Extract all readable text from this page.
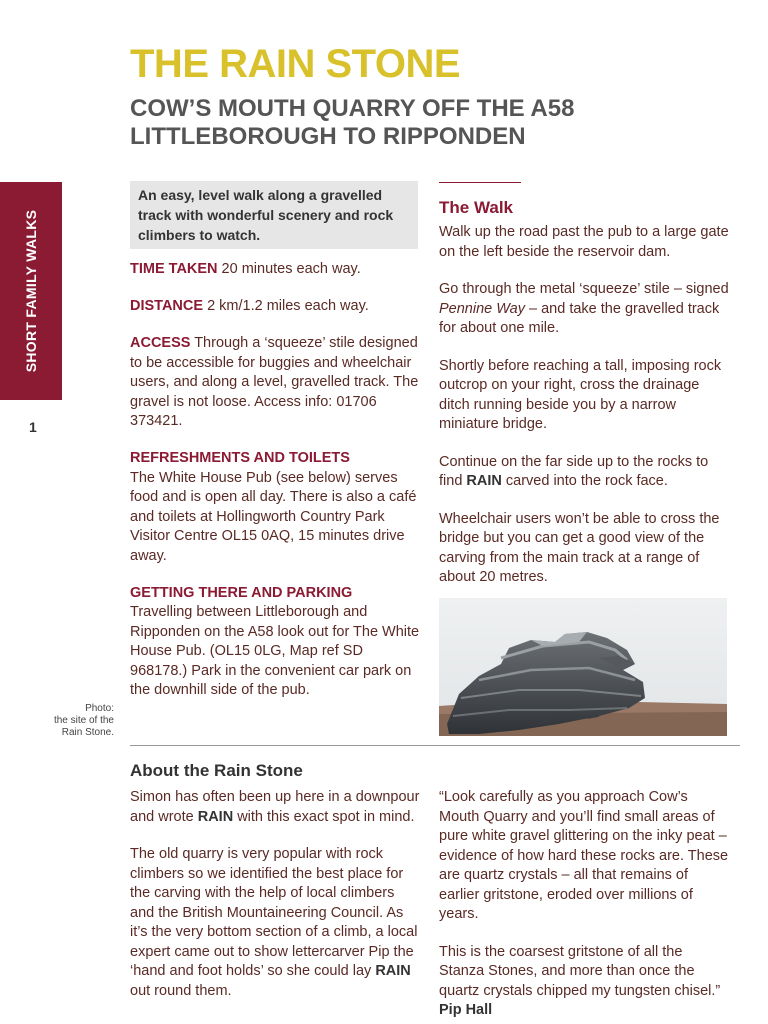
THE RAIN STONE
COW’S MOUTH QUARRY OFF THE A58 LITTLEBOROUGH TO RIPPONDEN
SHORT FAMILY WALKS
1
An easy, level walk along a gravelled track with wonderful scenery and rock climbers to watch.

TIME TAKEN 20 minutes each way.

DISTANCE 2 km/1.2 miles each way.

ACCESS Through a ‘squeeze’ stile designed to be accessible for buggies and wheelchair users, and along a level, gravelled track. The gravel is not loose. Access info: 01706 373421.

REFRESHMENTS AND TOILETS
The White House Pub (see below) serves food and is open all day. There is also a café and toilets at Hollingworth Country Park Visitor Centre OL15 0AQ, 15 minutes drive away.

GETTING THERE AND PARKING
Travelling between Littleborough and Ripponden on the A58 look out for The White House Pub. (OL15 0LG, Map ref SD 968178.) Park in the convenient car park on the downhill side of the pub.

The Walk

Walk up the road past the pub to a large gate on the left beside the reservoir dam.

Go through the metal ‘squeeze’ stile – signed Pennine Way – and take the gravelled track for about one mile.

Shortly before reaching a tall, imposing rock outcrop on your right, cross the drainage ditch running beside you by a narrow miniature bridge.

Continue on the far side up to the rocks to find RAIN carved into the rock face.

Wheelchair users won’t be able to cross the bridge but you can get a good view of the carving from the main track at a range of about 20 metres.

Photo:
the site of the
Rain Stone.
About the Rain Stone

Simon has often been up here in a downpour and wrote RAIN with this exact spot in mind.

The old quarry is very popular with rock climbers so we identified the best place for the carving with the help of local climbers and the British Mountaineering Council. As it’s the very bottom section of a climb, a local expert came out to show lettercarver Pip the ‘hand and foot holds’ so she could lay RAIN out round them.

“Look carefully as you approach Cow’s Mouth Quarry and you’ll find small areas of pure white gravel glittering on the inky peat – evidence of how hard these rocks are. These are quartz crystals – all that remains of earlier gritstone, eroded over millions of years.

This is the coarsest gritstone of all the Stanza Stones, and more than once the quartz crystals chipped my tungsten chisel.”  Pip Hall
